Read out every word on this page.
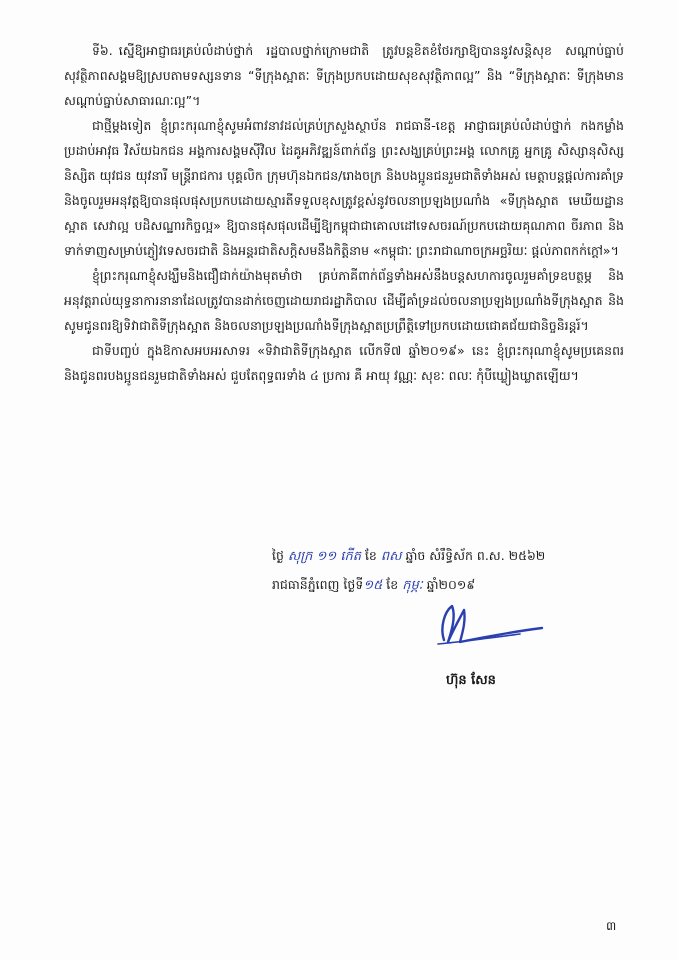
ទី៦. ស្នើឱ្យអាជ្ញាធរគ្រប់លំដាប់ថ្នាក់ រដ្ឋបាលថ្នាក់ក្រោមជាតិ ត្រូវបន្តខិតខំថែរក្សាឱ្យបាននូវសន្តិសុខ សណ្តាប់ធ្នាប់ សុវត្ថិភាពសង្គមឱ្យស្របតាមទស្សនទាន “ទីក្រុងស្អាតៈ ទីក្រុងប្រកបដោយសុខសុវត្ថិភាពល្អ” និង “ទីក្រុងស្អាតៈ ទីក្រុងមានសណ្តាប់ធ្នាប់សាធារណៈល្អ”។

ជាថ្មីម្តងទៀត ខ្ញុំព្រះករុណាខ្ញុំសូមអំពាវនាវដល់គ្រប់ក្រសួងស្ថាប័ន រាជធានី-ខេត្ត អាជ្ញាធរគ្រប់លំដាប់ថ្នាក់ កងកម្លាំងប្រដាប់អាវុធ វិស័យឯកជន អង្គការសង្គមស៊ីវិល ដៃគូអភិវឌ្ឍន៍ពាក់ព័ន្ធ ព្រះសង្ឃគ្រប់ព្រះអង្គ លោកគ្រូ អ្នកគ្រូ សិស្សានុសិស្ស និស្សិត យុវជន យុវនារី មន្ត្រីរាជការ បុគ្គលិក ក្រុមហ៊ុនឯកជន/រោងចក្រ និងបងប្អូនជនរួមជាតិទាំងអស់ មេត្តាបន្តផ្តល់ការគាំទ្រ និងចូលរួមអនុវត្តឱ្យបានផុលផុសប្រកបដោយស្មារតីទទួលខុសត្រូវខ្ពស់នូវចលនាប្រឡងប្រណាំង «ទីក្រុងស្អាត មេឃីយដ្ឋានស្អាត សេវាល្អ បដិសណ្ឋារកិច្ចល្អ» ឱ្យបានផុសផុលដើម្បីឱ្យកម្ពុជាជាគោលដៅទេសចរណ៍ប្រកបដោយគុណភាព ចីរភាព និងទាក់ទាញសម្រាប់ភ្ញៀវទេសចរជាតិ និងអន្តរជាតិសក្តិសមនឹងកិត្តិនាម «កម្ពុជាៈ ព្រះរាជាណាចក្រអច្ឆរិយៈ ផ្តល់ភាពកក់ក្តៅ»។

ខ្ញុំព្រះករុណាខ្ញុំសង្ឃឹមនិងជឿជាក់យ៉ាងមុតមាំថា គ្រប់ភាគីពាក់ព័ន្ធទាំងអស់នឹងបន្តសហការចូលរួមគាំទ្រឧបត្ថម្ភ និងអនុវត្តរាល់យុទ្ធនាការនានាដែលត្រូវបានដាក់ចេញដោយរាជរដ្ឋាភិបាល ដើម្បីគាំទ្រដល់ចលនាប្រឡងប្រណាំងទីក្រុងស្អាត និងសូមជូនពរឱ្យទិវាជាតិទីក្រុងស្អាត និងចលនាប្រឡងប្រណាំងទីក្រុងស្អាតប្រព្រឹត្តិទៅប្រកបដោយជោគជ័យជានិច្ចនិរន្តរ៍។

ជាទីបញ្ចប់ ក្នុងឱកាសអបអរសាទរ «ទិវាជាតិទីក្រុងស្អាត លើកទី៧ ឆ្នាំ២០១៩» នេះ ខ្ញុំព្រះករុណាខ្ញុំសូមប្រគេនពរ និងជូនពរបងប្អូនជនរួមជាតិទាំងអស់ ជួបតែពុទ្ធពរទាំង ៤ ប្រការ គឺ អាយុ វណ្ណៈ សុខៈ ពលៈ កុំបីឃ្លៀងឃ្លាតឡើយ។

ថ្ងៃ សុក្រ ១១ កើត ខែ ពស ឆ្នាំច សំរឹទ្ធិស័ក ព.ស. ២៥៦២
រាជធានីភ្នំពេញ ថ្ងៃទី១៥ ខែ កុម្ភៈ ឆ្នាំ២០១៩
ហ៊ុន សែន
៣
